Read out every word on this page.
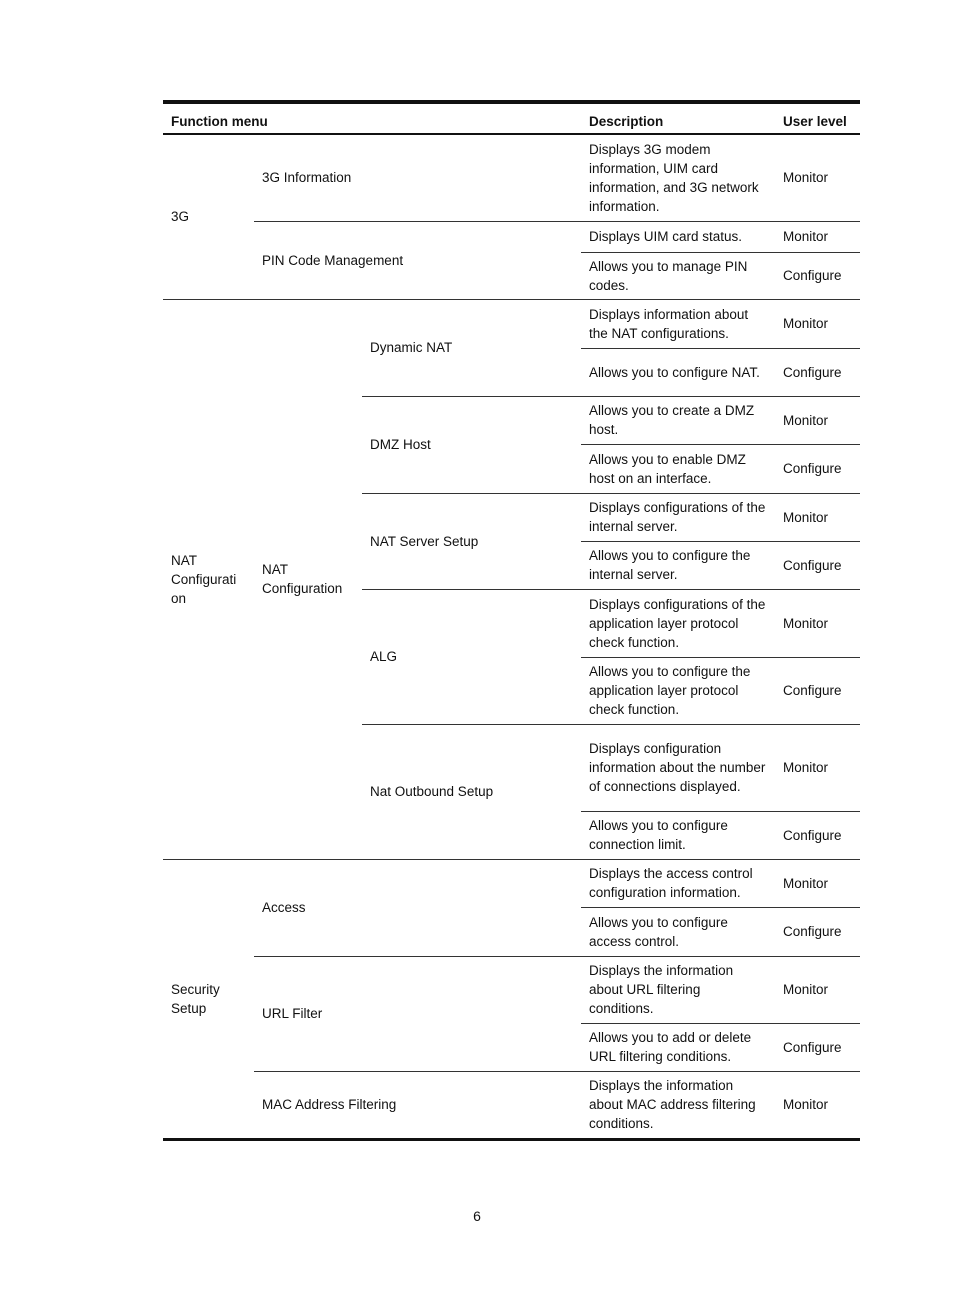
Function menu			Description	User level
3G	3G Information		Displays 3G modem information, UIM card information, and 3G network information.	Monitor
	PIN Code Management		Displays UIM card status.	Monitor
			Allows you to manage PIN codes.	Configure
NAT Configurati on	NAT Configuration	Dynamic NAT	Displays information about the NAT configurations.	Monitor
			Allows you to configure NAT.	Configure
		DMZ Host	Allows you to create a DMZ host.	Monitor
			Allows you to enable DMZ host on an interface.	Configure
		NAT Server Setup	Displays configurations of the internal server.	Monitor
			Allows you to configure the internal server.	Configure
		ALG	Displays configurations of the application layer protocol check function.	Monitor
			Allows you to configure the application layer protocol check function.	Configure
		Nat Outbound Setup	Displays configuration information about the number of connections displayed.	Monitor
			Allows you to configure connection limit.	Configure
Security Setup	Access		Displays the access control configuration information.	Monitor
			Allows you to configure access control.	Configure
	URL Filter		Displays the information about URL filtering conditions.	Monitor
			Allows you to add or delete URL filtering conditions.	Configure
	MAC Address Filtering		Displays the information about MAC address filtering conditions.	Monitor
6
